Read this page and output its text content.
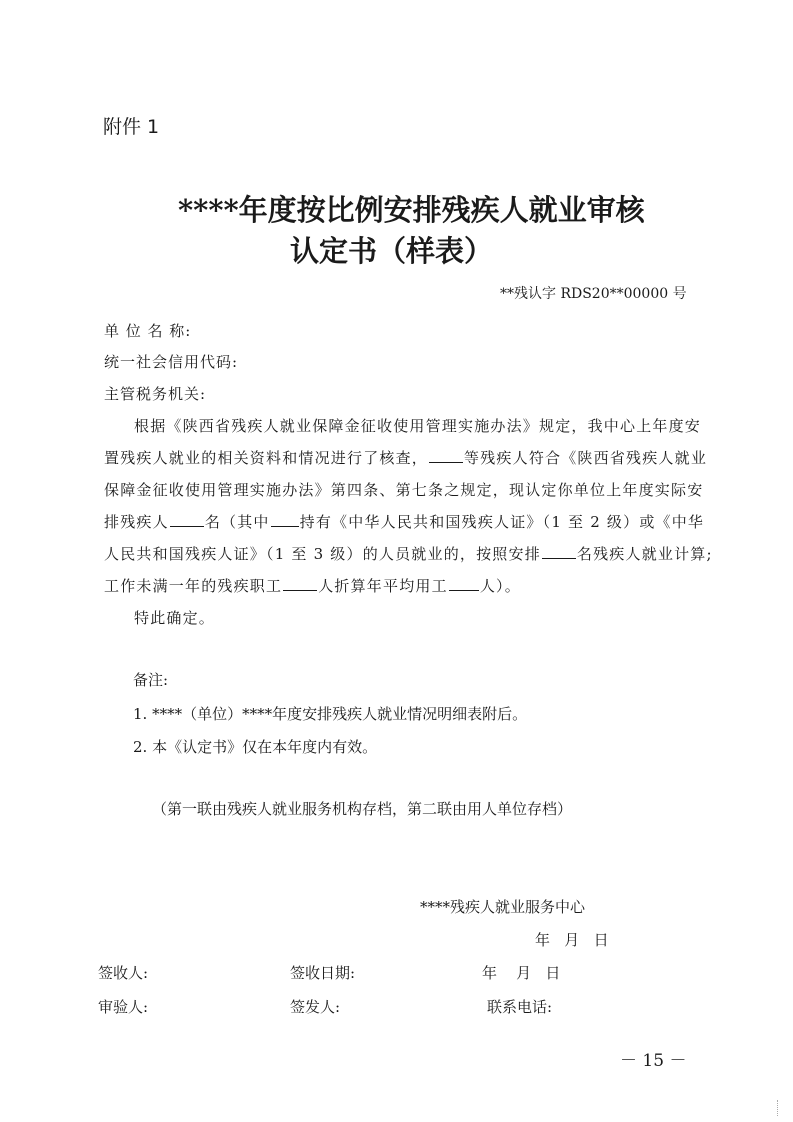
附件 1
****年度按比例安排残疾人就业审核
认定书（样表）
**残认字 RDS20**00000 号
单 位 名 称:
统一社会信用代码:
主管税务机关:
根据《陕西省残疾人就业保障金征收使用管理实施办法》规定，我中心上年度安
置残疾人就业的相关资料和情况进行了核查， 等残疾人符合《陕西省残疾人就业
保障金征收使用管理实施办法》第四条、第七条之规定，现认定你单位上年度实际安
排残疾人 名（其中 持有《中华人民共和国残疾人证》（1 至 2 级）或《中华
人民共和国残疾人证》（1 至 3 级）的人员就业的，按照安排 名残疾人就业计算;
工作未满一年的残疾职工 人折算年平均用工 人）。
特此确定。
备注:
1. ****（单位）****年度安排残疾人就业情况明细表附后。
2. 本《认定书》仅在本年度内有效。
（第一联由残疾人就业服务机构存档，第二联由用人单位存档）
****残疾人就业服务中心
年   月   日
签收人:	签收日期:	年    月   日
审验人:	签发人:	联系电话:
－ 15 －
